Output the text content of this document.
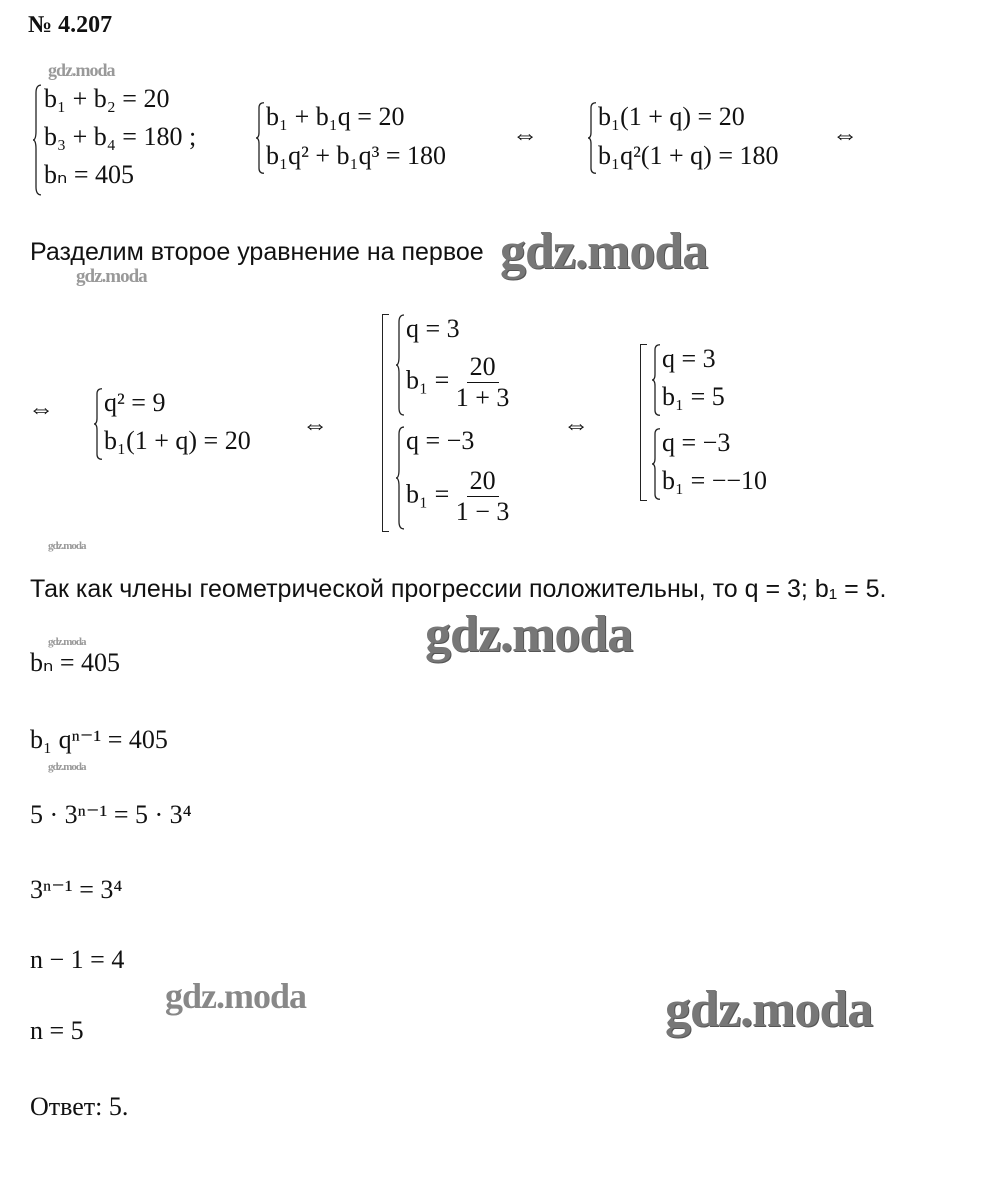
№ 4.207
gdz.moda
b₁ + b₂ = 20
b₃ + b₄ = 180 ;
bₙ = 405
b₁ + b₁q = 20
b₁q² + b₁q³ = 180
⇔
b₁(1 + q) = 20
b₁q²(1 + q) = 180
⇔
Разделим второе уравнение на первое gdz.moda
gdz.moda
⇔ q² = 9
b₁(1 + q) = 20
⇔
q = 3
$b_1 = \frac{20}{1 + 3}$
q = −3
$b_1 = \frac{20}{1 - 3}$
⇔
q = 3
b₁ = 5
q = −3
b₁ = −−10
gdz.moda
Так как члены геометрической прогрессии положительны, то q = 3; b₁ = 5.
gdz.moda
gdz.moda
bₙ = 405
b₁ qⁿ⁻¹ = 405
gdz.moda
5 · 3ⁿ⁻¹ = 5 · 3⁴
3ⁿ⁻¹ = 3⁴
n − 1 = 4
gdz.moda
n = 5	gdz.moda
Ответ: 5.
